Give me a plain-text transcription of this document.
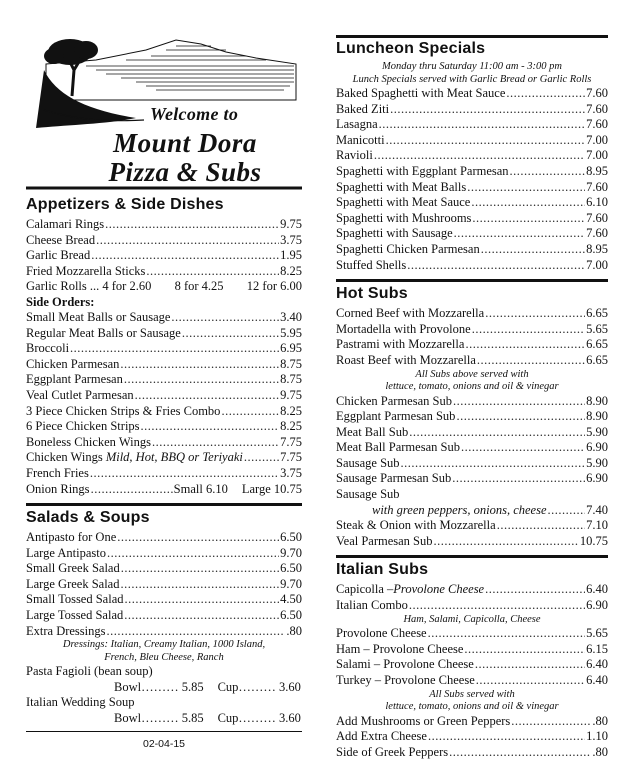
Welcome to
Mount Dora
Pizza & Subs
Appetizers & Side Dishes
Calamari Rings .....	9.75
Cheese Bread .....	3.75
Garlic Bread .....	1.95
Fried Mozzarella Sticks .....	8.25
Garlic Rolls ... 4 for 2.60 8 for 4.25 12 for 6.00
Side Orders:
Small Meat Balls or Sausage .....	3.40
Regular Meat Balls or Sausage .....	5.95
Broccoli .....	6.95
Chicken Parmesan .....	8.75
Eggplant Parmesan .....	8.75
Veal Cutlet Parmesan .....	9.75
3 Piece Chicken Strips & Fries Combo .....	8.25
6 Piece Chicken Strips .....	8.25
Boneless Chicken Wings .....	7.75
Chicken Wings
Mild, Hot, BBQ or Teriyaki .....	7.75
French Fries .....	3.75
Onion Rings .....	Small 6.10 Large 10.75
Salads & Soups
Antipasto for One .....	6.50
Large Antipasto .....	9.70
Small Greek Salad .....	6.50
Large Greek Salad .....	9.70
Small Tossed Salad .....	4.50
Large Tossed Salad .....	6.50
Extra Dressings .....	.80
Dressings: Italian, Creamy Italian, 1000 Island,
French, Bleu Cheese, Ranch
Pasta Fagioli (bean soup)
Bowl……… 5.85 Cup……… 3.60
Italian Wedding Soup
Bowl……… 5.85 Cup……… 3.60
02-04-15
Luncheon Specials
Monday thru Saturday 11:00 am - 3:00 pm
Lunch Specials served with Garlic Bread or Garlic Rolls
Baked Spaghetti with Meat Sauce .....	7.60
Baked Ziti .....	7.60
Lasagna .....	7.60
Manicotti .....	7.00
Ravioli .....	7.00
Spaghetti with Eggplant Parmesan .....	8.95
Spaghetti with Meat Balls .....	7.60
Spaghetti with Meat Sauce .....	6.10
Spaghetti with Mushrooms .....	7.60
Spaghetti with Sausage .....	7.60
Spaghetti Chicken Parmesan .....	8.95
Stuffed Shells .....	7.00
Hot Subs
Corned Beef with Mozzarella .....	6.65
Mortadella with Provolone .....	5.65
Pastrami with Mozzarella .....	6.65
Roast Beef with Mozzarella .....	6.65
All Subs above served with
lettuce, tomato, onions and oil & vinegar
Chicken Parmesan Sub .....	8.90
Eggplant Parmesan Sub .....	8.90
Meat Ball Sub .....	5.90
Meat Ball Parmesan Sub .....	6.90
Sausage Sub .....	5.90
Sausage Parmesan Sub .....	6.90
Sausage Sub
with green peppers, onions, cheese .....	7.40
Steak & Onion with Mozzarella .....	7.10
Veal Parmesan Sub .....	10.75
Italian Subs
Capicolla – Provolone Cheese .....	6.40
Italian Combo .....	6.90
Ham, Salami, Capicolla, Cheese
Provolone Cheese .....	5.65
Ham – Provolone Cheese .....	6.15
Salami – Provolone Cheese .....	6.40
Turkey – Provolone Cheese .....	6.40
All Subs served with
lettuce, tomato, onions and oil & vinegar
Add Mushrooms or Green Peppers .....	.80
Add Extra Cheese .....	1.10
Side of Greek Peppers .....	.80
